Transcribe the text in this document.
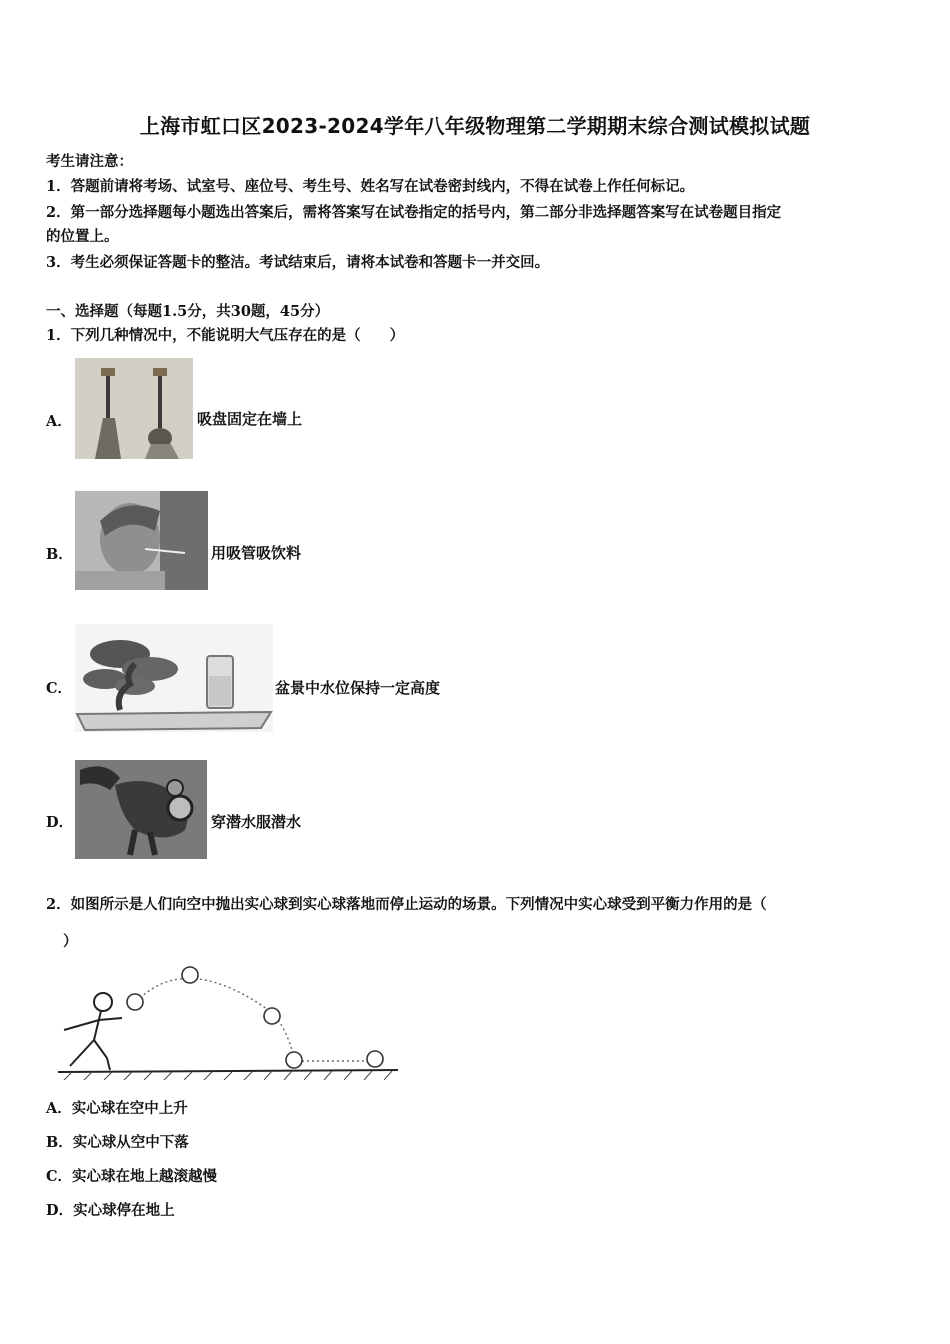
上海市虹口区2023-2024学年八年级物理第二学期期末综合测试模拟试题
考生请注意：
1．答题前请将考场、试室号、座位号、考生号、姓名写在试卷密封线内，不得在试卷上作任何标记。
2．第一部分选择题每小题选出答案后，需将答案写在试卷指定的括号内，第二部分非选择题答案写在试卷题目指定
的位置上。
3．考生必须保证答题卡的整洁。考试结束后，请将本试卷和答题卡一并交回。
一、选择题（每题1.5分，共30题，45分）
1．下列几种情况中，不能说明大气压存在的是（　　）
A．	吸盘固定在墙上
B．	用吸管吸饮料
C．	盆景中水位保持一定高度
D．	穿潜水服潜水
2．如图所示是人们向空中抛出实心球到实心球落地而停止运动的场景。下列情况中实心球受到平衡力作用的是（
）
A．实心球在空中上升
B．实心球从空中下落
C．实心球在地上越滚越慢
D．实心球停在地上
